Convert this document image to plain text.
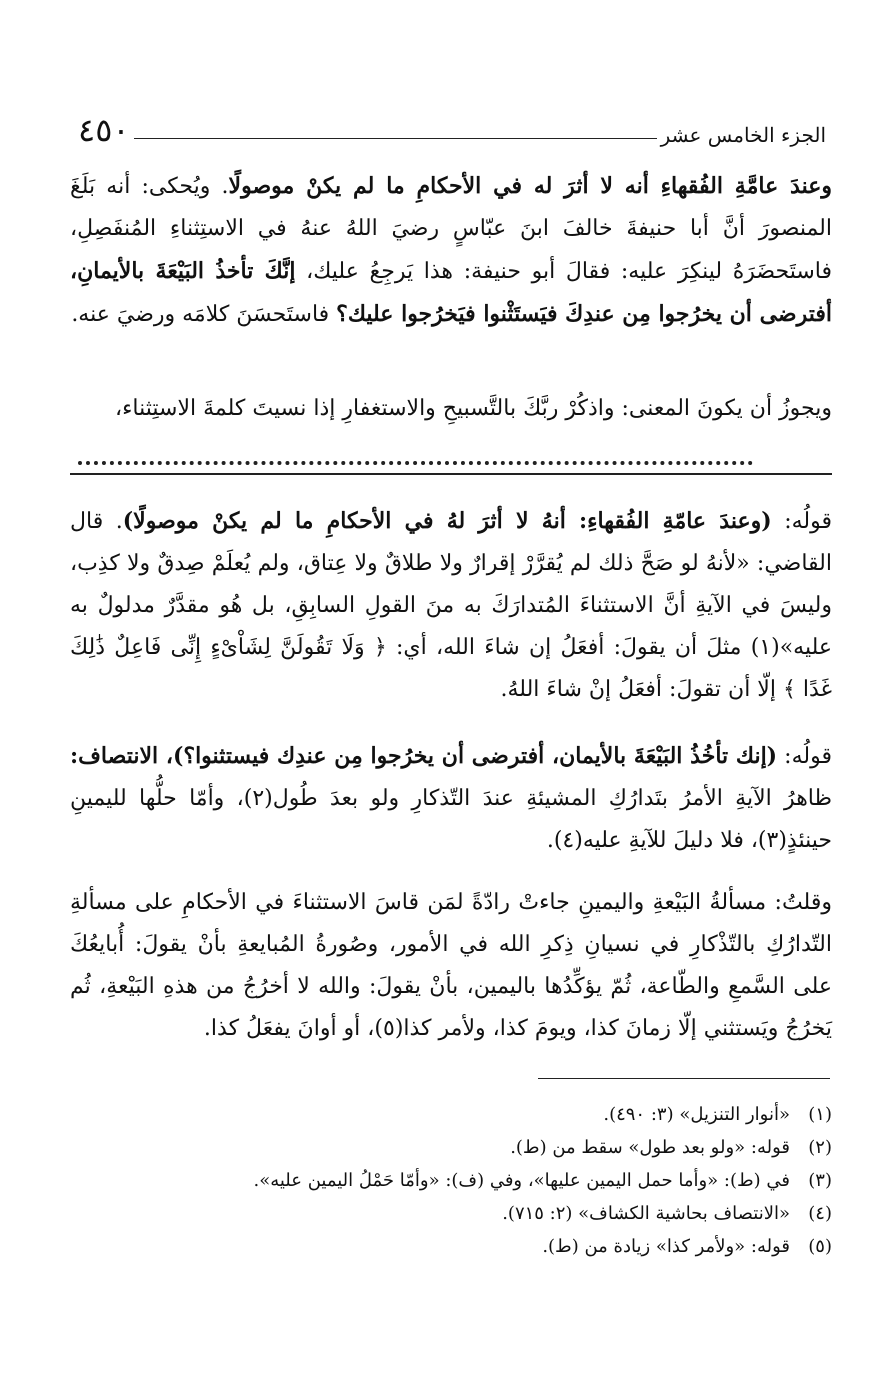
الجزء الخامس عشر
٤٥٠

وعندَ عامَّةِ الفُقهاءِ أنه لا أثرَ له في الأحكامِ ما لم يكنْ موصولًا. ويُحكى: أنه بَلَغَ المنصورَ أنَّ أبا حنيفةَ خالفَ ابنَ عبّاسٍ رضيَ اللهُ عنهُ في الاستِثناءِ المُنفَصِلِ، فاستَحضَرَهُ لينكِرَ عليه: فقالَ أبو حنيفة: هذا يَرجِعُ عليك، إنَّكَ تأخذُ البَيْعَةَ بالأيمانِ، أفترضى أن يخرُجوا مِن عندِكَ فيَستَثْنوا فيَخرُجوا عليك؟ فاستَحسَنَ كلامَه ورضيَ عنه.

ويجوزُ أن يكونَ المعنى: واذكُرْ ربَّكَ بالتَّسبيحِ والاستغفارِ إذا نسيتَ كلمةَ الاستِثناء،

قولُه: (وعندَ عامّةِ الفُقهاءِ: أنهُ لا أثرَ لهُ في الأحكامِ ما لم يكنْ موصولًا). قال القاضي: «لأنهُ لو صَحَّ ذلك لم يُقرَّرْ إقرارٌ ولا طلاقٌ ولا عِتاق، ولم يُعلَمْ صِدقٌ ولا كذِب، وليسَ في الآيةِ أنَّ الاستثناءَ المُتدارَكَ به منَ القولِ السابِقِ، بل هُو مقدَّرٌ مدلولٌ به عليه»(١) مثلَ أن يقولَ: أفعَلُ إن شاءَ الله، أي: ﴿ وَلَا تَقُولَنَّ لِشَاْىْءٍ إِنِّى فَاعِلٌ ذَٰلِكَ غَدًا ﴾ إلّا أن تقولَ: أفعَلُ إنْ شاءَ اللهُ.

قولُه: (إنك تأخُذُ البَيْعَةَ بالأيمان، أفترضى أن يخرُجوا مِن عندِك فيستثنوا؟)، الانتصاف: ظاهرُ الآيةِ الأمرُ بتَدارُكِ المشيئةِ عندَ التّذكارِ ولو بعدَ طُول(٢)، وأمّا حلُّها لليمينِ حينئذٍ(٣)، فلا دليلَ للآيةِ عليه(٤).

وقلتُ: مسألةُ البَيْعةِ واليمينِ جاءتْ رادّةً لمَن قاسَ الاستثناءَ في الأحكامِ على مسألةِ التّدارُكِ بالتّذْكارِ في نسيانِ ذِكرِ الله في الأمور، وصُورةُ المُبايعةِ بأنْ يقولَ: أُبايعُكَ على السَّمعِ والطّاعة، ثُمّ يؤكِّدُها باليمين، بأنْ يقولَ: والله لا أخرُجُ من هذهِ البَيْعةِ، ثُم يَخرُجُ ويَستثني إلّا زمانَ كذا، ويومَ كذا، ولأمر كذا(٥)، أو أوانَ يفعَلُ كذا.

(١)
«أنوار التنزيل» (٣: ٤٩٠).

(٢)
قوله: «ولو بعد طول» سقط من (ط).

(٣)
في (ط): «وأما حمل اليمين عليها»، وفي (ف): «وأمّا حَمْلُ اليمين عليه».

(٤)
«الانتصاف بحاشية الكشاف» (٢: ٧١٥).

(٥)
قوله: «ولأمر كذا» زيادة من (ط).
